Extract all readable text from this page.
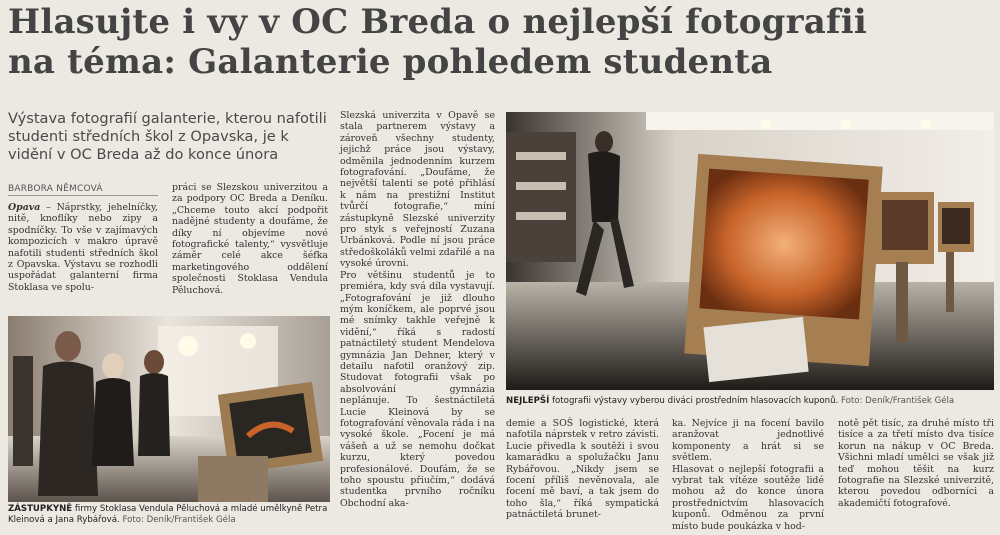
Hlasujte i vy v OC Breda o nejlepší fotografii
na téma: Galanterie pohledem studenta
Výstava fotografií galanterie, kterou nafotili studenti středních škol z Opavska, je k vidění v OC Breda až do konce února
BARBORA NĚMCOVÁ
Opava – Náprstky, jehelníčky, nitě, knoflíky nebo zipy a spodníčky. To vše v zajímavých kompozicích v makro úpravě nafotili studenti středních škol z Opavska. Výstavu se rozhodli uspořádat galanterní firma Stoklasa ve spolu-
práci se Slezskou univerzitou a za podpory OC Breda a Deníku. „Chceme touto akcí podpořit nadějné studenty a doufáme, že díky ní objevíme nové fotografické talenty,“ vysvětluje záměr celé akce šéfka marketingového oddělení společnosti Stoklasa Vendula Pěluchová.
ZÁSTUPKYNĚ firmy Stoklasa Vendula Pěluchová a mladé umělkyně Petra Kleinová a Jana Rybářová. Foto: Deník/František Géla
Slezská univerzita v Opavě se stala partnerem výstavy a zároveň všechny studenty, jejichž práce jsou výstavy, odměnila jednodenním kurzem fotografování. „Doufáme, že největší talenti se poté přihlásí k nám na prestižní Institut tvůrčí fotografie,“ míní zástupkyně Slezské univerzity pro styk s veřejností Zuzana Urbánková. Podle ní jsou práce středoškoláků velmi zdařilé a na vysoké úrovni.
Pro většinu studentů je to premiéra, kdy svá díla vystavují. „Fotografování je již dlouho mým koníčkem, ale poprvé jsou mé snímky takhle veřejně k vidění,“ říká s radostí patnáctiletý student Mendelova gymnázia Jan Dehner, který v detailu nafotil oranžový zip. Studovat fotografii však po absolvování gymnázia neplánuje. To šestnáctiletá Lucie Kleinová by se fotografování věnovala ráda i na vysoké škole. „Focení je má vášeň a už se nemohu dočkat kurzu, který povedou profesionálové. Doufám, že se toho spoustu přiučím,“ dodává studentka prvního ročníku Obchodní aka-
NEJLEPŠÍ fotografii výstavy vyberou diváci prostředním hlasovacích kuponů. Foto: Deník/František Géla
demie a SOŠ logistické, která nafotila náprstek v retro závisti. Lucie přivedla k soutěži i svou kamarádku a spolužačku Janu Rybářovou. „Nikdy jsem se focení příliš nevěnovala, ale focení mě baví, a tak jsem do toho šla,“ říká sympatická patnáctiletá brunet-
ka. Nejvíce ji na focení bavilo aranžovat jednotlivé komponenty a hrát si se světlem.
Hlasovat o nejlepší fotografii a vybrat tak vítěze soutěže lidé mohou až do konce února prostřednictvím hlasovacích kuponů. Odměnou za první místo bude poukázka v hod-
notě pět tisíc, za druhé místo tři tisíce a za třetí místo dva tisíce korun na nákup v OC Breda. Všichni mladí umělci se však již teď mohou těšit na kurz fotografie na Slezské univerzitě, kterou povedou odborníci a akademičtí fotografové.
